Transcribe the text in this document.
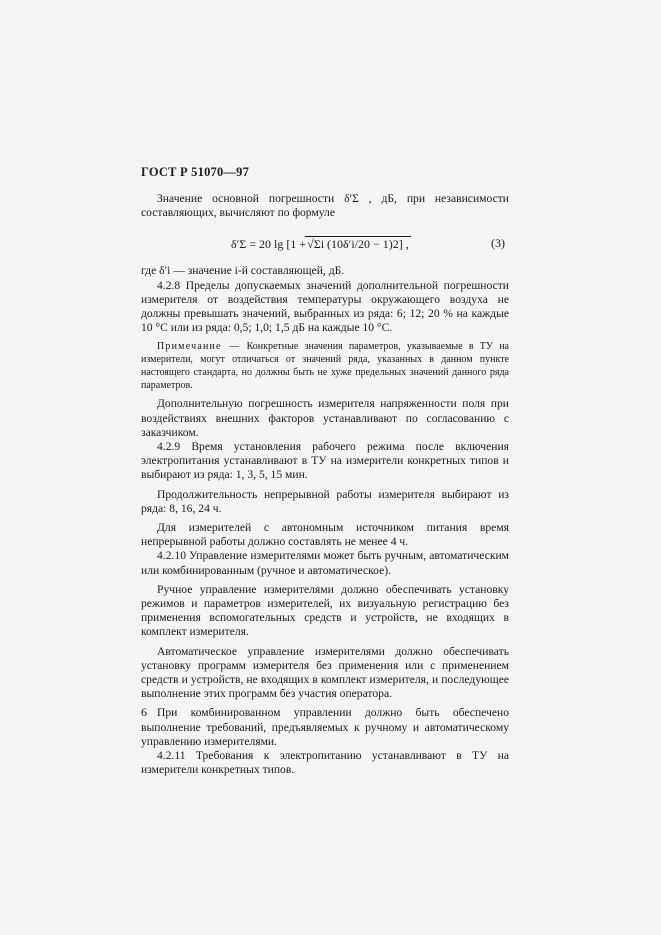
ГОСТ Р 51070—97

Значение основной погрешности δ′Σ , дБ, при независимости составляющих, вычисляют по формуле

δ′Σ = 20 lg [1 +√Σi (10δ′i/20 − 1)2] ,	(3)

где δ′i — значение i-й составляющей, дБ.

4.2.8 Пределы допускаемых значений дополнительной погрешности измерителя от воздействия температуры окружающего воздуха не должны превышать значений, выбранных из ряда: 6; 12; 20 % на каждые 10 °С или из ряда: 0,5; 1,0; 1,5 дБ на каждые 10 °С.

Примечание — Конкретные значения параметров, указываемые в ТУ на измерители, могут отличаться от значений ряда, указанных в данном пункте настоящего стандарта, но должны быть не хуже предельных значений данного ряда параметров.

Дополнительную погрешность измерителя напряженности поля при воздействиях внешних факторов устанавливают по согласованию с заказчиком.

4.2.9 Время установления рабочего режима после включения электропитания устанавливают в ТУ на измерители конкретных типов и выбирают из ряда: 1, 3, 5, 15 мин.

Продолжительность непрерывной работы измерителя выбирают из ряда: 8, 16, 24 ч.

Для измерителей с автономным источником питания время непрерывной работы должно составлять не менее 4 ч.

4.2.10 Управление измерителями может быть ручным, автоматическим или комбинированным (ручное и автоматическое).

Ручное управление измерителями должно обеспечивать установку режимов и параметров измерителей, их визуальную регистрацию без применения вспомогательных средств и устройств, не входящих в комплект измерителя.

Автоматическое управление измерителями должно обеспечивать установку программ измерителя без применения или с применением средств и устройств, не входящих в комплект измерителя, и последующее выполнение этих программ без участия оператора.

При комбинированном управлении должно быть обеспечено выполнение требований, предъявляемых к ручному и автоматическому управлению измерителями.

4.2.11 Требования к электропитанию устанавливают в ТУ на измерители конкретных типов.

6
